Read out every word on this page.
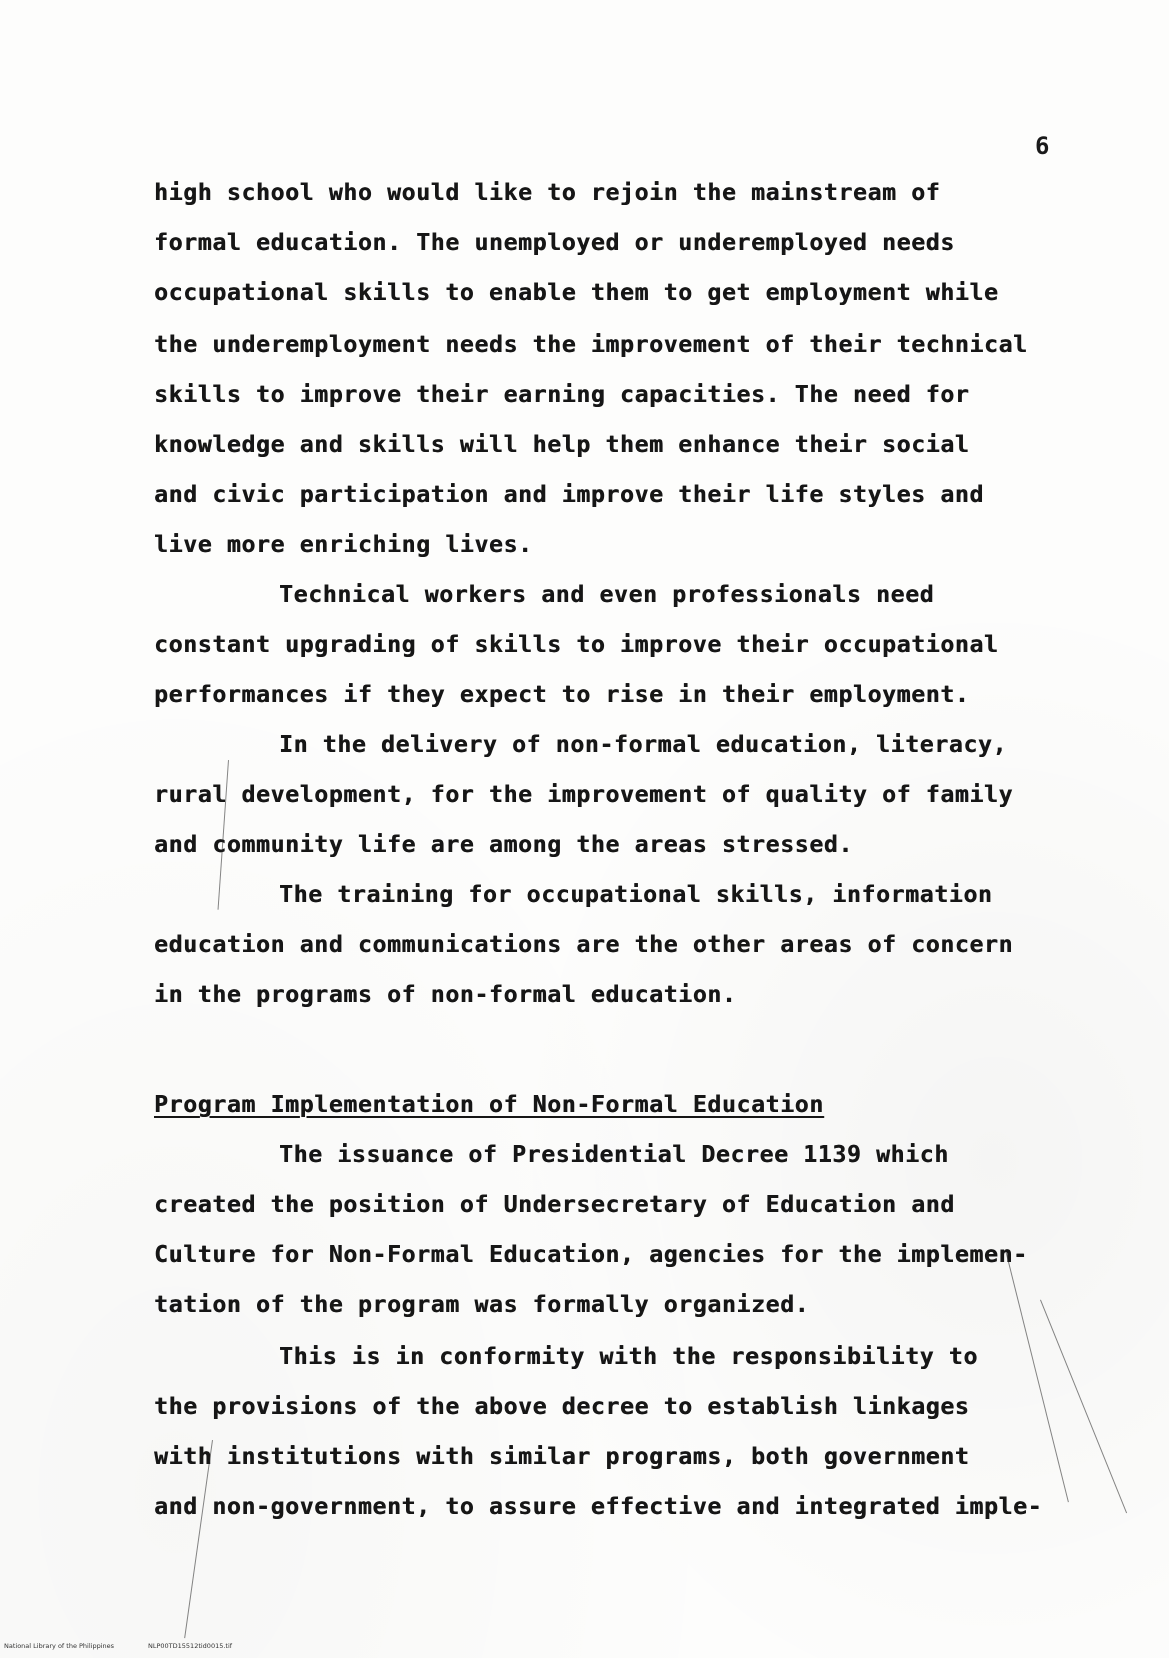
6
high school who would like to rejoin the mainstream of
formal education. The unemployed or underemployed needs
occupational skills to enable them to get employment while
the underemployment needs the improvement of their technical
skills to improve their earning capacities. The need for
knowledge and skills will help them enhance their social
and civic participation and improve their life styles and
live more enriching lives.
Technical workers and even professionals need
constant upgrading of skills to improve their occupational
performances if they expect to rise in their employment.
In the delivery of non-formal education, literacy,
rural development, for the improvement of quality of family
and community life are among the areas stressed.
The training for occupational skills, information
education and communications are the other areas of concern
in the programs of non-formal education.
Program Implementation of Non-Formal Education
The issuance of Presidential Decree 1139 which
created the position of Undersecretary of Education and
Culture for Non-Formal Education, agencies for the implemen-
tation of the program was formally organized.
This is in conformity with the responsibility to
the provisions of the above decree to establish linkages
with institutions with similar programs, both government
and non-government, to assure effective and integrated imple-
National Library of the Philippines	NLP00TD15512tid0015.tif
